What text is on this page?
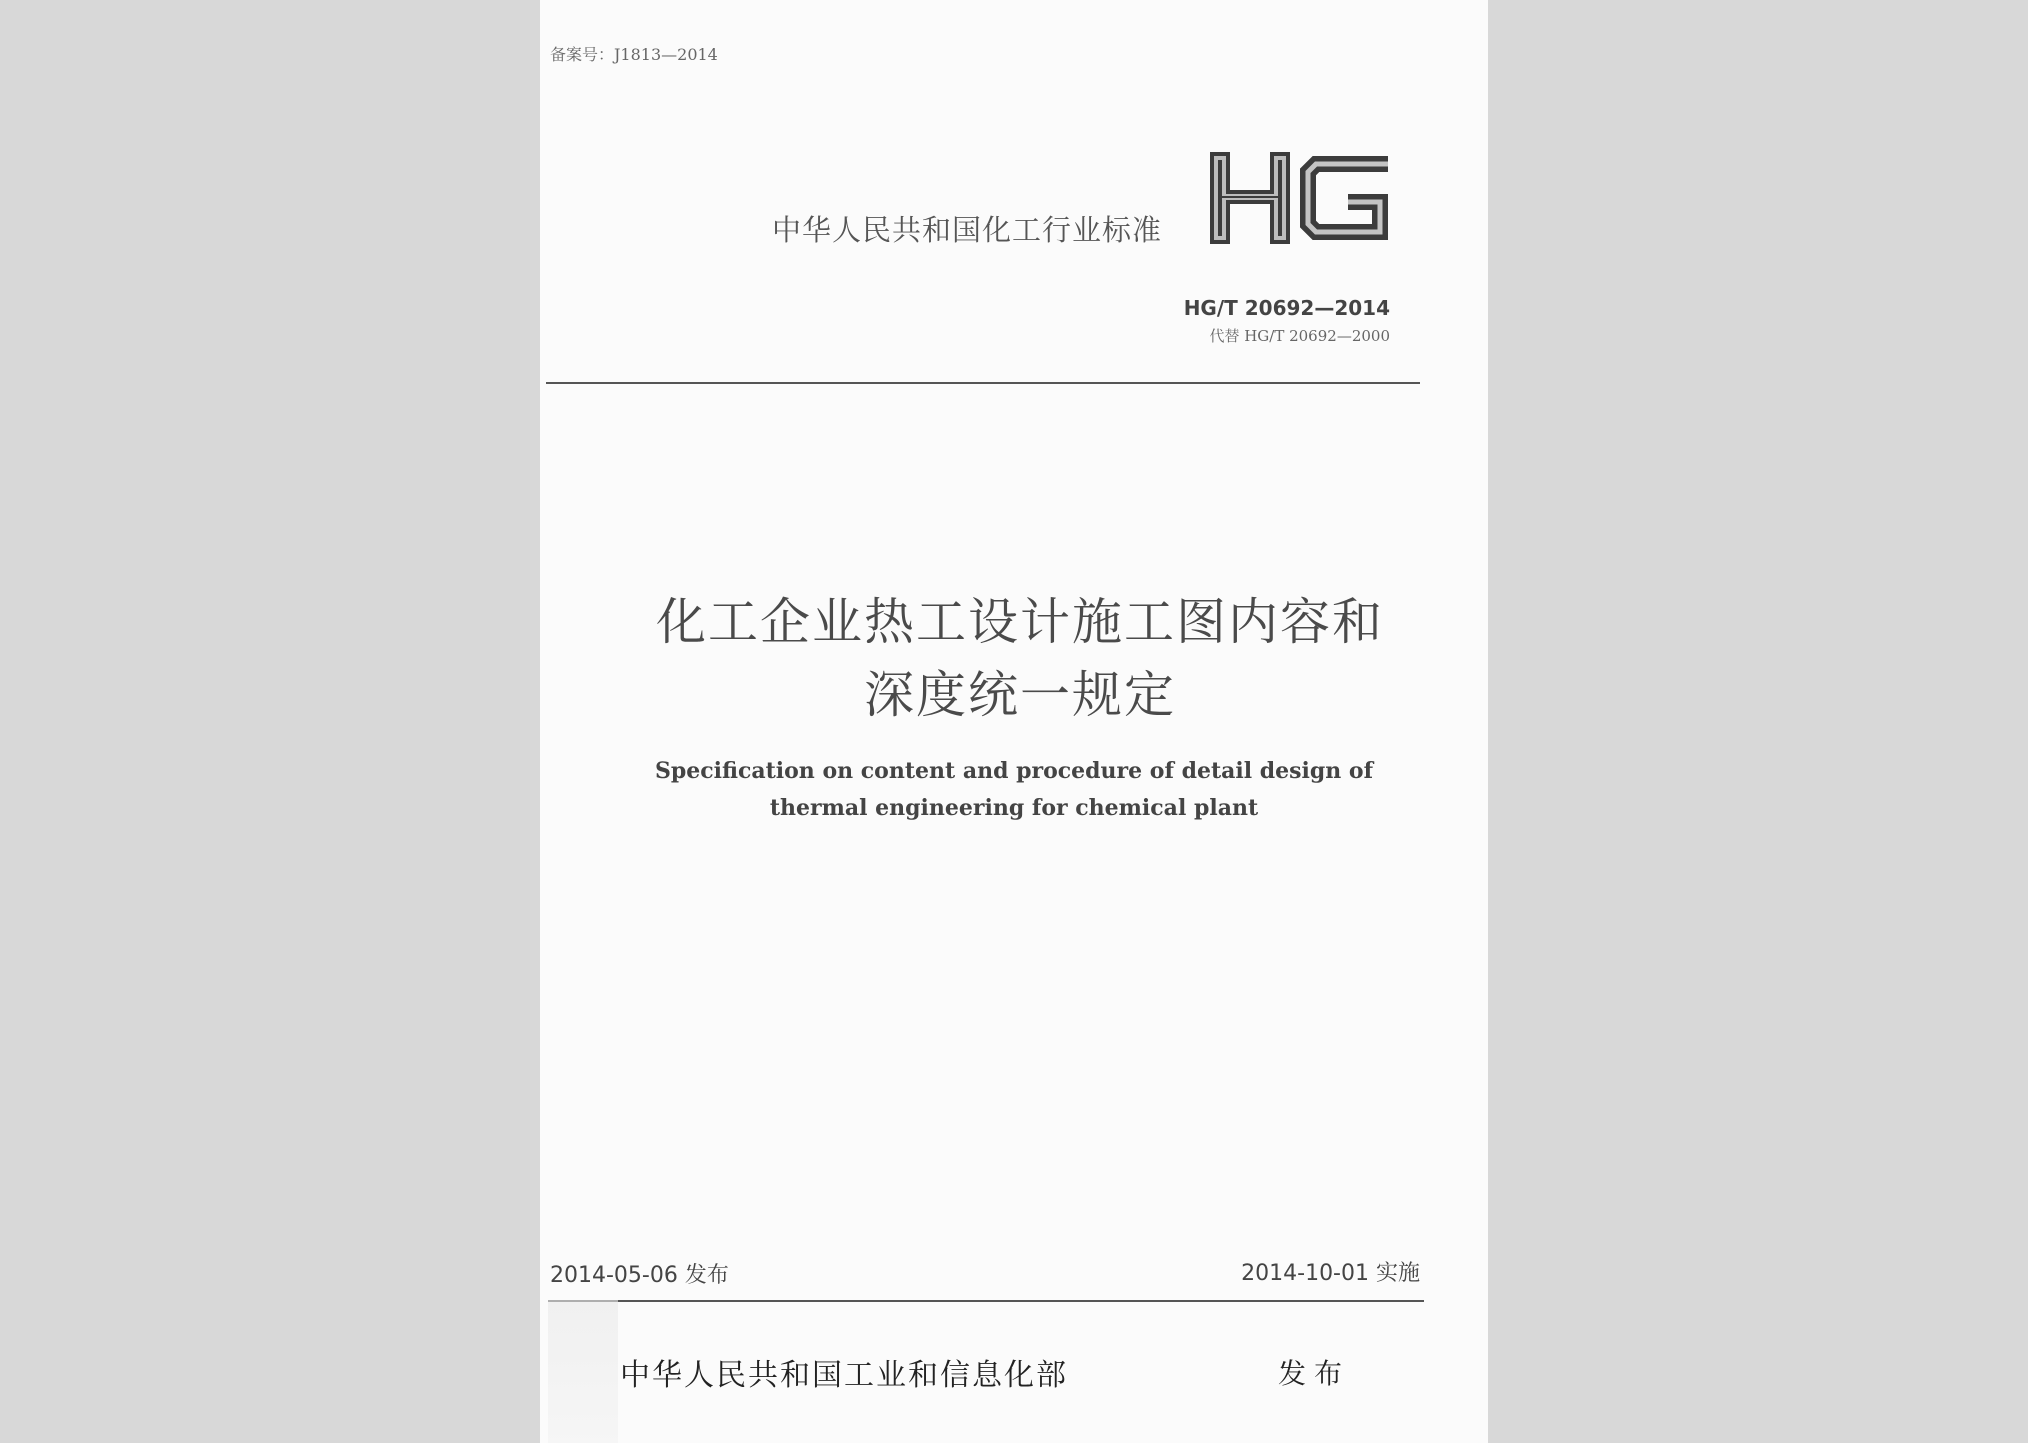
备案号：J1813—2014
中华人民共和国化工行业标准
HG/T 20692—2014
代替 HG/T 20692—2000
化工企业热工设计施工图内容和
深度统一规定
Specification on content and procedure of detail design of
thermal engineering for chemical plant
2014-05-06 发布	2014-10-01 实施
中华人民共和国工业和信息化部	发布
